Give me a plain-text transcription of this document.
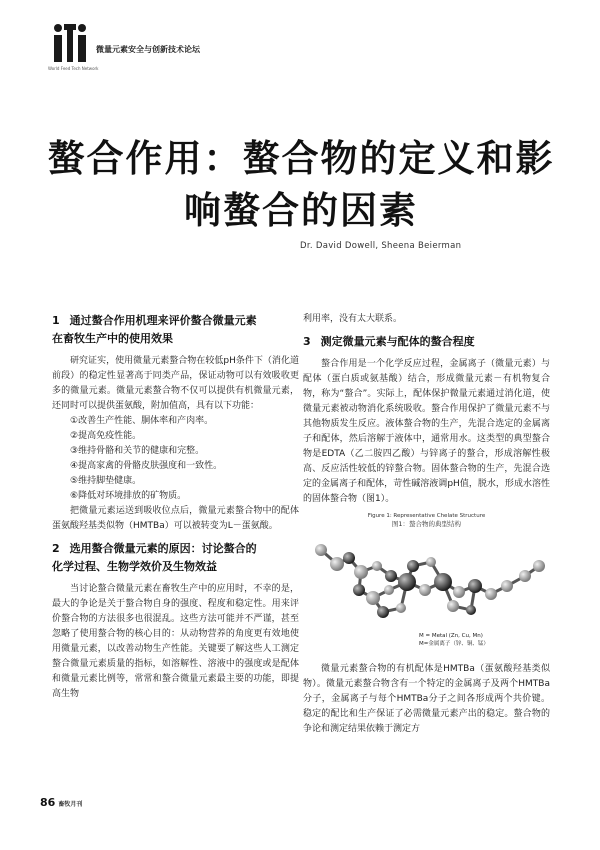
World Feed Tech Network
微量元素安全与创新技术论坛
螯合作用：螯合物的定义和影
响螯合的因素
Dr. David Dowell, Sheena Beierman
1 通过螯合作用机理来评价螯合微量元素
在畜牧生产中的使用效果

研究证实，使用微量元素螯合物在较低pH条件下（消化道前段）的稳定性显著高于同类产品，保证动物可以有效吸收更多的微量元素。微量元素螯合物不仅可以提供有机微量元素，还同时可以提供蛋氨酸，附加值高，具有以下功能：

①改善生产性能、胴体率和产肉率。
②提高免疫性能。
③维持骨骼和关节的健康和完整。
④提高家禽的骨骼皮肤强度和一致性。
⑤维持脚垫健康。
⑥降低对环境排放的矿物质。

把微量元素运送到吸收位点后，微量元素螯合物中的配体蛋氨酸羟基类似物（HMTBa）可以被转变为L－蛋氨酸。

2 选用螯合微量元素的原因：讨论螯合的
化学过程、生物学效价及生物效益

当讨论螯合微量元素在畜牧生产中的应用时，不幸的是，最大的争论是关于螯合物自身的强度、程度和稳定性。用来评价螯合物的方法很多也很混乱。这些方法可能并不严谨，甚至忽略了使用螯合物的核心目的：从动物营养的角度更有效地使用微量元素，以改善动物生产性能。关键要了解这些人工测定螯合微量元素质量的指标，如溶解性、溶液中的强度或是配体和微量元素比例等，常常和螯合微量元素最主要的功能，即提高生物

利用率，没有太大联系。

3 测定微量元素与配体的螯合程度

螯合作用是一个化学反应过程，金属离子（微量元素）与配体（蛋白质或氨基酸）结合，形成微量元素－有机物复合物，称为“螯合”。实际上，配体保护微量元素通过消化道，使微量元素被动物消化系统吸收。螯合作用保护了微量元素不与其他物质发生反应。液体螯合物的生产，先混合选定的金属离子和配体，然后溶解于液体中，通常用水。这类型的典型螯合物是EDTA（乙二胺四乙酸）与锌离子的螯合，形成溶解性极高、反应活性较低的锌螯合物。固体螯合物的生产，先混合选定的金属离子和配体，苛性碱溶液调pH值，脱水，形成水溶性的固体螯合物（图1）。

Figure 1: Representative Chelate Structure
图1：螯合物的典型结构
M = Metal (Zn, Cu, Mn)
M=金属离子（锌、铜、锰）

微量元素螯合物的有机配体是HMTBa（蛋氨酸羟基类似物）。微量元素螯合物含有一个特定的金属离子及两个HMTBa分子，金属离子与每个HMTBa分子之间各形成两个共价键。稳定的配比和生产保证了必需微量元素产出的稳定。螯合物的争论和测定结果依赖于测定方

86 畜牧月刊
